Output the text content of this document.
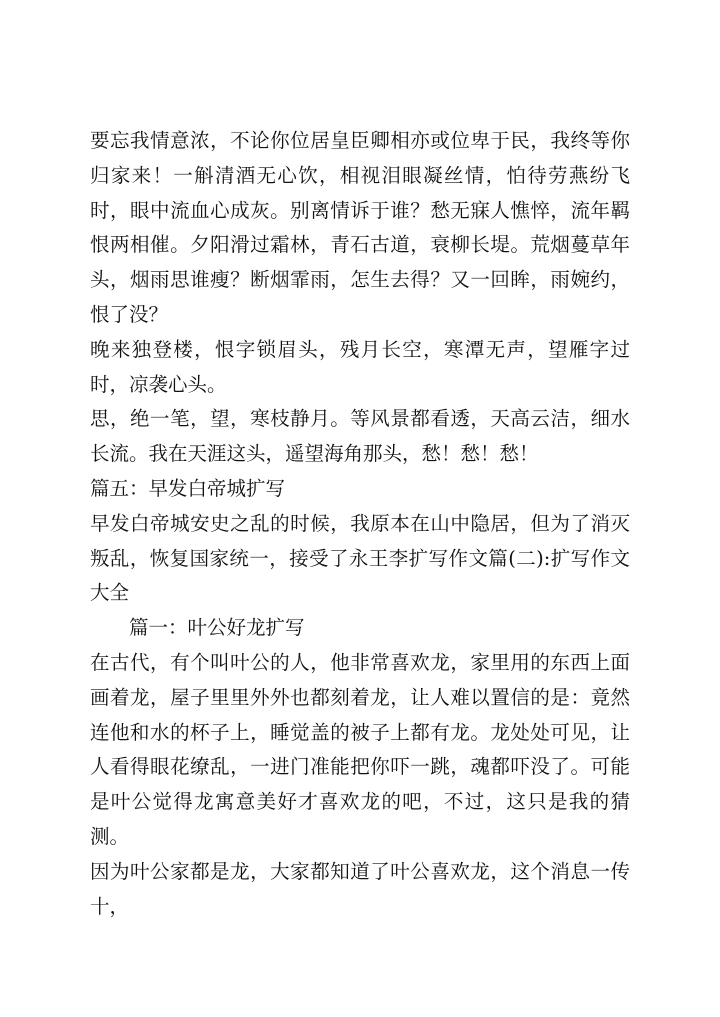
要忘我情意浓，不论你位居皇臣卿相亦或位卑于民，我终等你归家来！一斛清酒无心饮，相视泪眼凝丝情，怕待劳燕纷飞时，眼中流血心成灰。别离情诉于谁？愁无寐人憔悴，流年羁恨两相催。夕阳滑过霜林，青石古道，衰柳长堤。荒烟蔓草年头，烟雨思谁瘦？断烟霏雨，怎生去得？又一回眸，雨婉约，恨了没？

晚来独登楼，恨字锁眉头，残月长空，寒潭无声，望雁字过时，凉袭心头。

思，绝一笔，望，寒枝静月。等风景都看透，天高云洁，细水长流。我在天涯这头，遥望海角那头，愁！愁！愁！

篇五：早发白帝城扩写

早发白帝城安史之乱的时候，我原本在山中隐居，但为了消灭叛乱，恢复国家统一，接受了永王李扩写作文篇(二):扩写作文大全

篇一：叶公好龙扩写

在古代，有个叫叶公的人，他非常喜欢龙，家里用的东西上面画着龙，屋子里里外外也都刻着龙，让人难以置信的是：竟然连他和水的杯子上，睡觉盖的被子上都有龙。龙处处可见，让人看得眼花缭乱，一进门准能把你吓一跳，魂都吓没了。可能是叶公觉得龙寓意美好才喜欢龙的吧，不过，这只是我的猜测。

因为叶公家都是龙，大家都知道了叶公喜欢龙，这个消息一传十，
